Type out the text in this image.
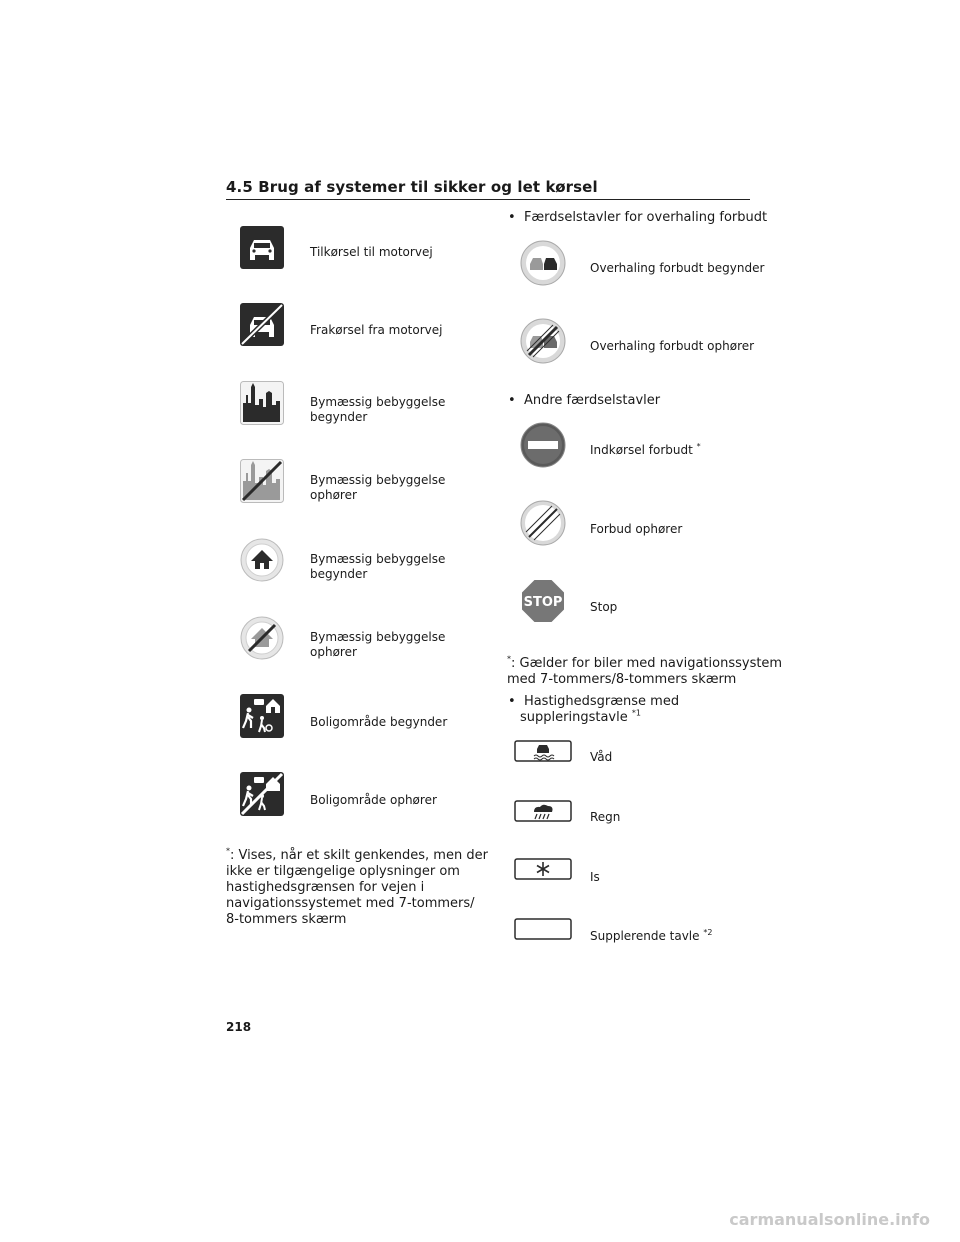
4.5 Brug af systemer til sikker og let kørsel
Tilkørsel til motorvej
Frakørsel fra motorvej
Bymæssig bebyggelse
begynder
Bymæssig bebyggelse
ophører
Bymæssig bebyggelse
begynder
Bymæssig bebyggelse
ophører
Boligområde begynder
Boligområde ophører
*: Vises, når et skilt genkendes, men der
ikke er tilgængelige oplysninger om
hastighedsgrænsen for vejen i
navigationssystemet med 7-tommers/
8-tommers skærm
•  Færdselstavler for overhaling forbudt
Overhaling forbudt begynder
Overhaling forbudt ophører
•  Andre færdselstavler
Indkørsel forbudt *
Forbud ophører
STOP Stop
*: Gælder for biler med navigationssystem
med 7-tommers/8-tommers skærm
•  Hastighedsgrænse med
suppleringstavle $^{*1}$
Våd
Regn
Is
Supplerende tavle $^{*2}$
218
carmanualsonline.info
